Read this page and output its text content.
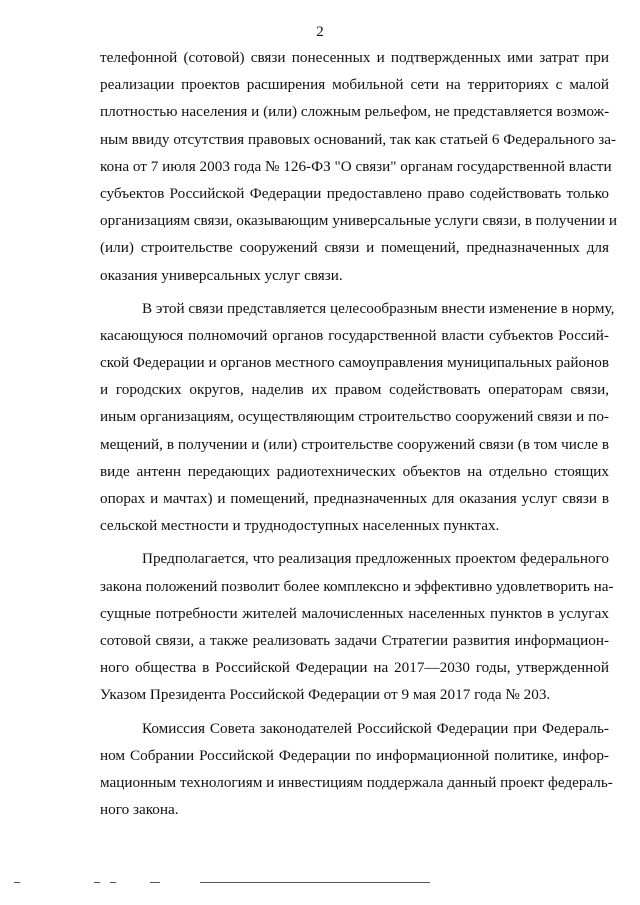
2
телефонной (сотовой) связи понесенных и подтвержденных ими затрат при
реализации проектов расширения мобильной сети на территориях с малой
плотностью населения и (или) сложным рельефом, не представляется возмож-
ным ввиду отсутствия правовых оснований, так как статьей 6 Федерального за-
кона от 7 июля 2003 года № 126-ФЗ "О связи" органам государственной власти
субъектов Российской Федерации предоставлено право содействовать только
организациям связи, оказывающим универсальные услуги связи, в получении и
(или) строительстве сооружений связи и помещений, предназначенных для
оказания универсальных услуг связи.
В этой связи представляется целесообразным внести изменение в норму,
касающуюся полномочий органов государственной власти субъектов Россий-
ской Федерации и органов местного самоуправления муниципальных районов
и городских округов, наделив их правом содействовать операторам связи,
иным организациям, осуществляющим строительство сооружений связи и по-
мещений, в получении и (или) строительстве сооружений связи (в том числе в
виде антенн передающих радиотехнических объектов на отдельно стоящих
опорах и мачтах) и помещений, предназначенных для оказания услуг связи в
сельской местности и труднодоступных населенных пунктах.
Предполагается, что реализация предложенных проектом федерального
закона положений позволит более комплексно и эффективно удовлетворить на-
сущные потребности жителей малочисленных населенных пунктов в услугах
сотовой связи, а также реализовать задачи Стратегии развития информацион-
ного общества в Российской Федерации на 2017—2030 годы, утвержденной
Указом Президента Российской Федерации от 9 мая 2017 года № 203.
Комиссия Совета законодателей Российской Федерации при Федераль-
ном Собрании Российской Федерации по информационной политике, инфор-
мационным технологиям и инвестициям поддержала данный проект федераль-
ного закона.
